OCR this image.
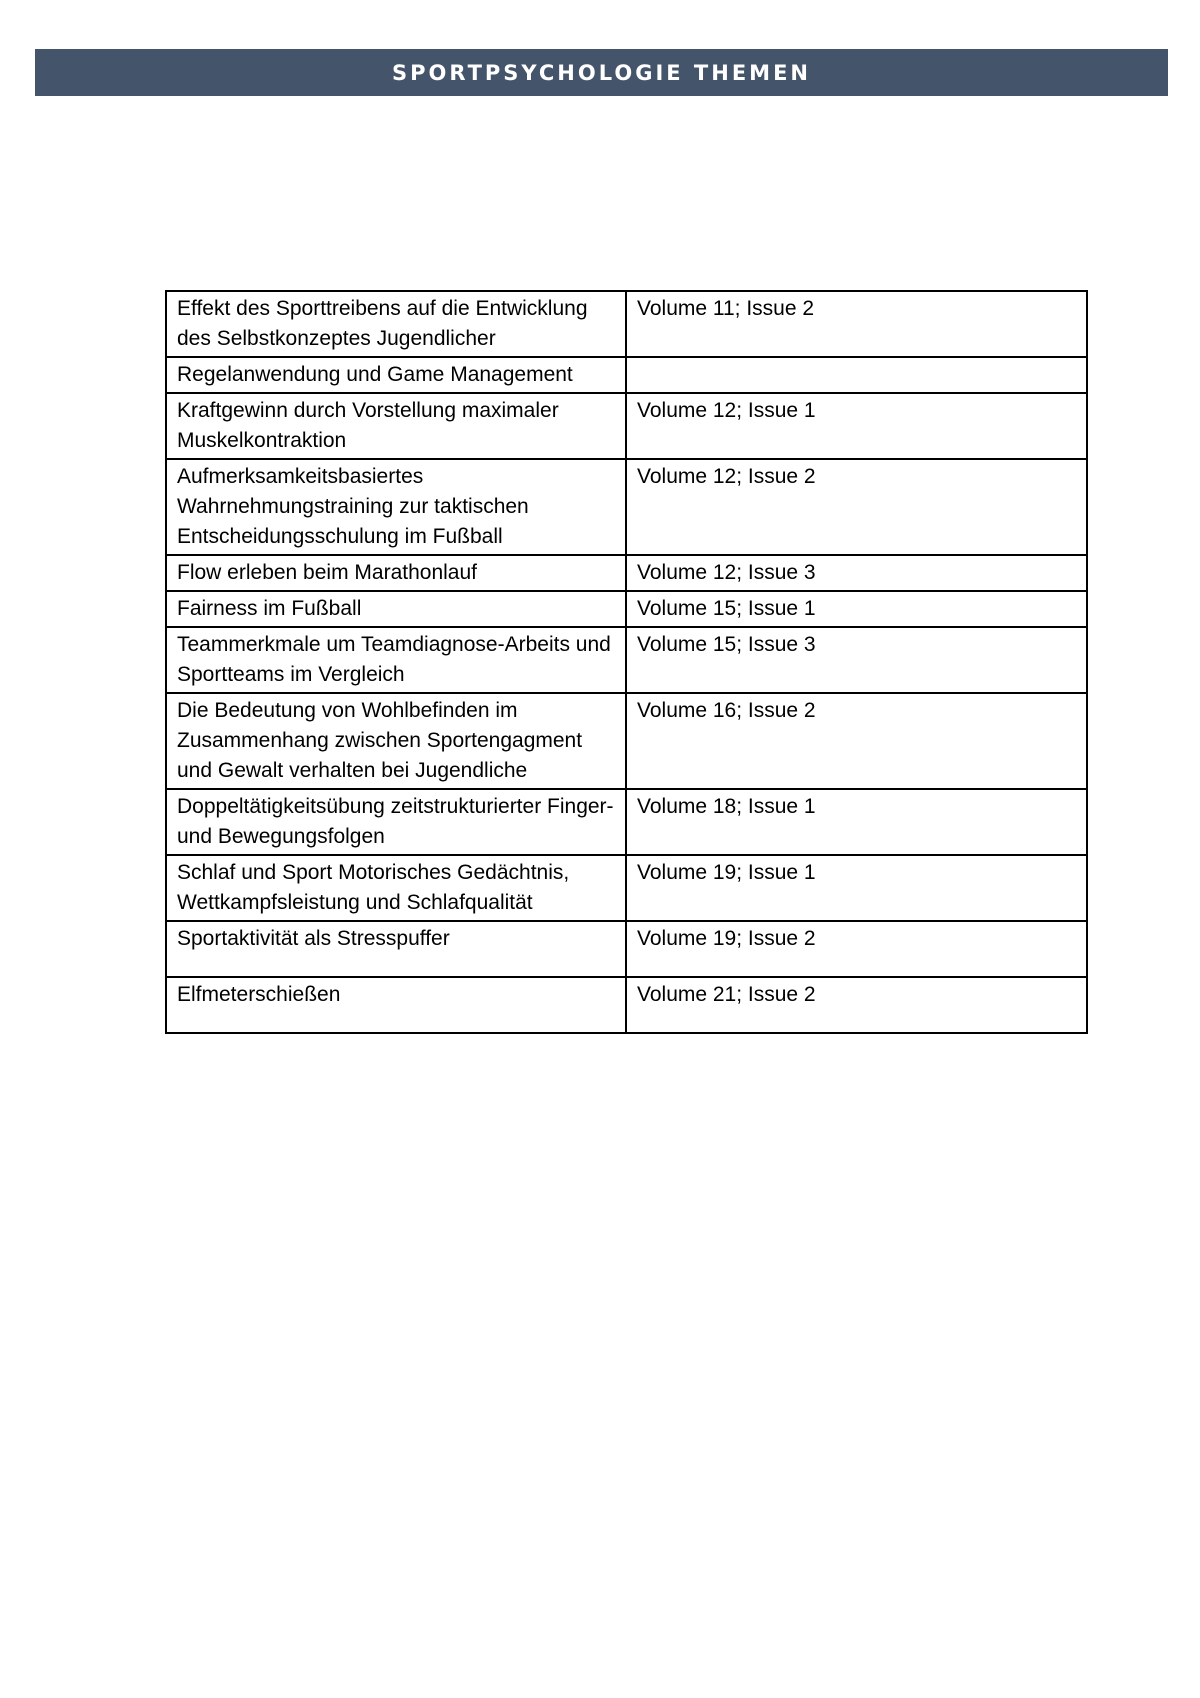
SPORTPSYCHOLOGIE THEMEN
Effekt des Sporttreibens auf die Entwicklung des Selbstkonzeptes Jugendlicher	Volume 11; Issue 2
Regelanwendung und Game Management	
Kraftgewinn durch Vorstellung maximaler Muskelkontraktion	Volume 12; Issue 1
Aufmerksamkeitsbasiertes Wahrnehmungstraining zur taktischen Entscheidungsschulung im Fußball	Volume 12; Issue 2
Flow erleben beim Marathonlauf	Volume 12; Issue 3
Fairness im Fußball	Volume 15; Issue 1
Teammerkmale um Teamdiagnose-Arbeits und Sportteams im Vergleich	Volume 15; Issue 3
Die Bedeutung von Wohlbefinden im Zusammenhang zwischen Sportengagment und Gewalt verhalten bei Jugendliche	Volume 16; Issue 2
Doppeltätigkeitsübung zeitstrukturierter Finger- und Bewegungsfolgen	Volume 18; Issue 1
Schlaf und Sport Motorisches Gedächtnis, Wettkampfsleistung und Schlafqualität	Volume 19; Issue 1
Sportaktivität als Stresspuffer	Volume 19; Issue 2
Elfmeterschießen	Volume 21; Issue 2
